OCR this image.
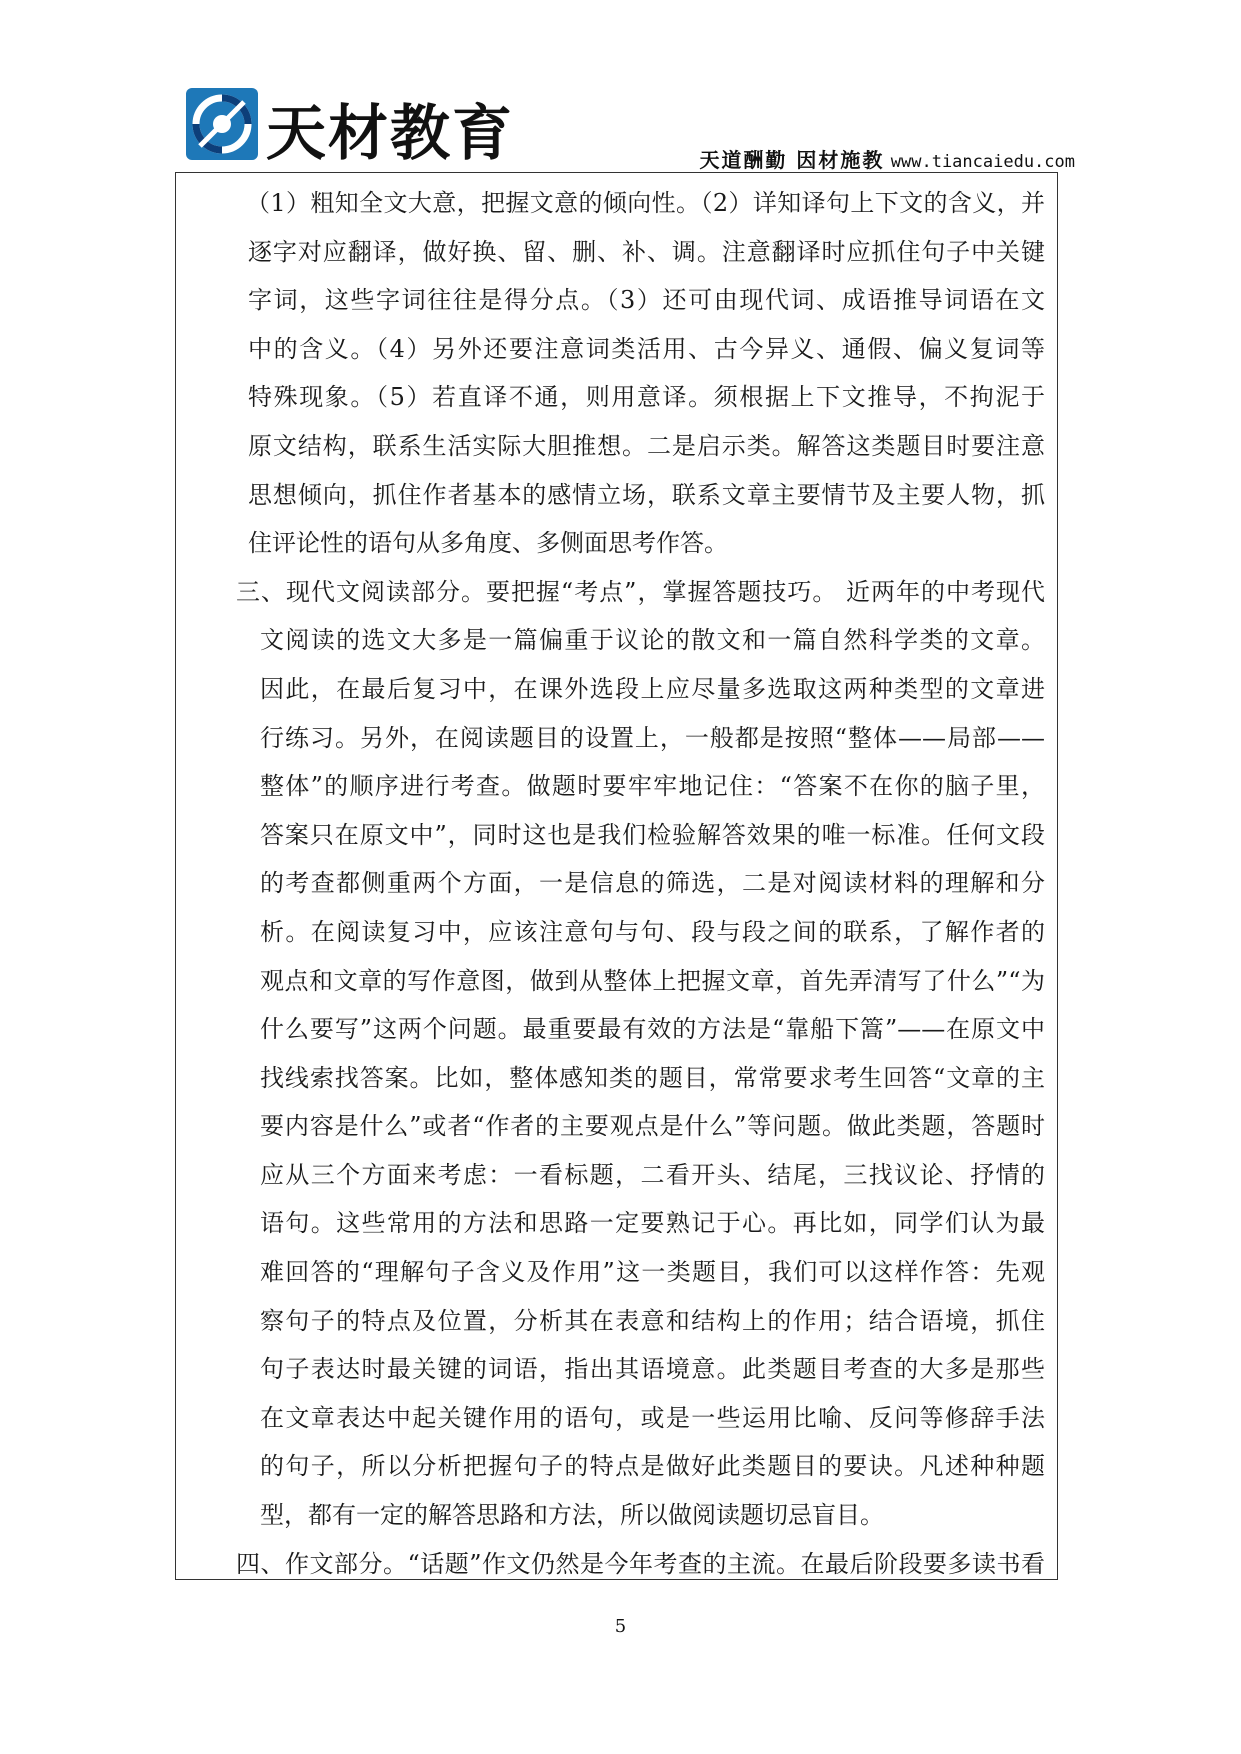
天材教育	天道酬勤 因材施教 www.tiancaiedu.com
（1）粗知全文大意，把握文意的倾向性。（2）详知译句上下文的含义，并
逐字对应翻译，做好换、留、删、补、调。注意翻译时应抓住句子中关键
字词，这些字词往往是得分点。（3）还可由现代词、成语推导词语在文
中的含义。（4）另外还要注意词类活用、古今异义、通假、偏义复词等
特殊现象。（5）若直译不通，则用意译。须根据上下文推导，不拘泥于
原文结构，联系生活实际大胆推想。二是启示类。解答这类题目时要注意
思想倾向，抓住作者基本的感情立场，联系文章主要情节及主要人物，抓
住评论性的语句从多角度、多侧面思考作答。
三、现代文阅读部分。要把握“考点”，掌握答题技巧。 近两年的中考现代
文阅读的选文大多是一篇偏重于议论的散文和一篇自然科学类的文章。
因此，在最后复习中，在课外选段上应尽量多选取这两种类型的文章进
行练习。另外，在阅读题目的设置上，一般都是按照“整体——局部——
整体”的顺序进行考查。做题时要牢牢地记住：“答案不在你的脑子里，
答案只在原文中”，同时这也是我们检验解答效果的唯一标准。任何文段
的考查都侧重两个方面，一是信息的筛选，二是对阅读材料的理解和分
析。在阅读复习中，应该注意句与句、段与段之间的联系，了解作者的
观点和文章的写作意图，做到从整体上把握文章，首先弄清写了什么”“为
什么要写”这两个问题。最重要最有效的方法是“靠船下篙”——在原文中
找线索找答案。比如，整体感知类的题目，常常要求考生回答“文章的主
要内容是什么”或者“作者的主要观点是什么”等问题。做此类题，答题时
应从三个方面来考虑：一看标题，二看开头、结尾，三找议论、抒情的
语句。这些常用的方法和思路一定要熟记于心。再比如，同学们认为最
难回答的“理解句子含义及作用”这一类题目，我们可以这样作答：先观
察句子的特点及位置，分析其在表意和结构上的作用；结合语境，抓住
句子表达时最关键的词语，指出其语境意。此类题目考查的大多是那些
在文章表达中起关键作用的语句，或是一些运用比喻、反问等修辞手法
的句子，所以分析把握句子的特点是做好此类题目的要诀。凡述种种题
型，都有一定的解答思路和方法，所以做阅读题切忌盲目。
四、作文部分。“话题”作文仍然是今年考查的主流。在最后阶段要多读书看
5
